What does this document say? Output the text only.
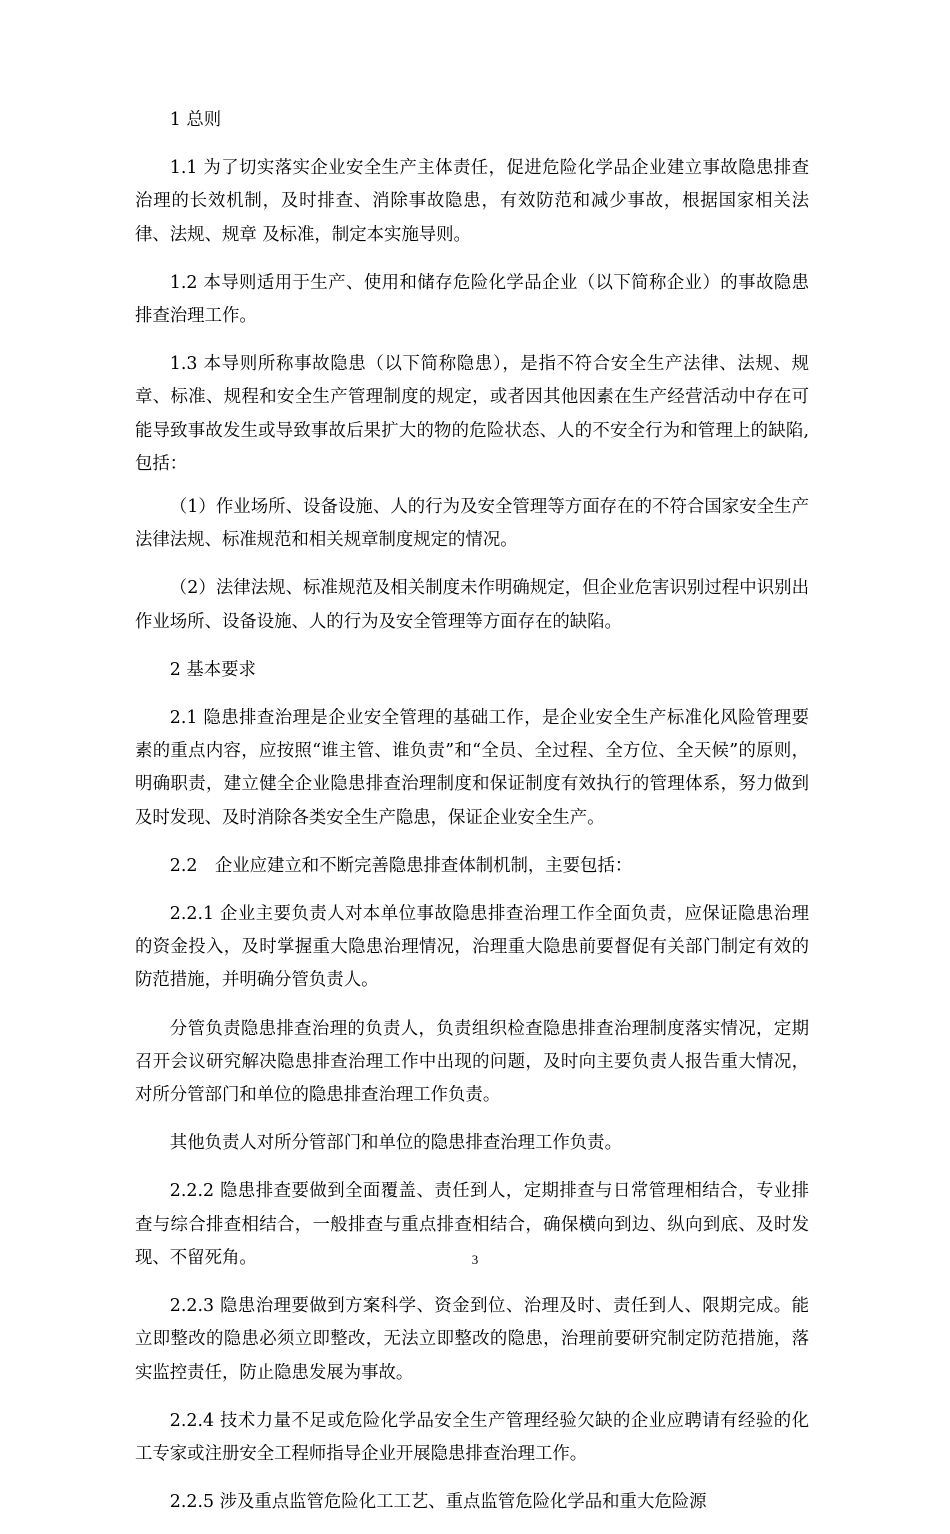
1 总则

1.1 为了切实落实企业安全生产主体责任，促进危险化学品企业建立事故隐患排查治理的长效机制，及时排查、消除事故隐患，有效防范和减少事故，根据国家相关法律、法规、规章 及标准，制定本实施导则。

1.2 本导则适用于生产、使用和储存危险化学品企业（以下简称企业）的事故隐患排查治理工作。

1.3 本导则所称事故隐患（以下简称隐患），是指不符合安全生产法律、法规、规章、标准、规程和安全生产管理制度的规定，或者因其他因素在生产经营活动中存在可能导致事故发生或导致事故后果扩大的物的危险状态、人的不安全行为和管理上的缺陷,包括：

（1）作业场所、设备设施、人的行为及安全管理等方面存在的不符合国家安全生产法律法规、标准规范和相关规章制度规定的情况。

（2）法律法规、标准规范及相关制度未作明确规定，但企业危害识别过程中识别出作业场所、设备设施、人的行为及安全管理等方面存在的缺陷。

2 基本要求

2.1 隐患排查治理是企业安全管理的基础工作，是企业安全生产标准化风险管理要素的重点内容，应按照“谁主管、谁负责”和“全员、全过程、全方位、全天候”的原则，明确职责，建立健全企业隐患排查治理制度和保证制度有效执行的管理体系，努力做到及时发现、及时消除各类安全生产隐患，保证企业安全生产。

2.2　企业应建立和不断完善隐患排查体制机制，主要包括：

2.2.1 企业主要负责人对本单位事故隐患排查治理工作全面负责，应保证隐患治理的资金投入，及时掌握重大隐患治理情况，治理重大隐患前要督促有关部门制定有效的防范措施，并明确分管负责人。

分管负责隐患排查治理的负责人，负责组织检查隐患排查治理制度落实情况，定期召开会议研究解决隐患排查治理工作中出现的问题，及时向主要负责人报告重大情况，对所分管部门和单位的隐患排查治理工作负责。

其他负责人对所分管部门和单位的隐患排查治理工作负责。

2.2.2 隐患排查要做到全面覆盖、责任到人，定期排查与日常管理相结合，专业排查与综合排查相结合，一般排查与重点排查相结合，确保横向到边、纵向到底、及时发现、不留死角。

2.2.3 隐患治理要做到方案科学、资金到位、治理及时、责任到人、限期完成。能立即整改的隐患必须立即整改，无法立即整改的隐患，治理前要研究制定防范措施，落实监控责任，防止隐患发展为事故。

2.2.4 技术力量不足或危险化学品安全生产管理经验欠缺的企业应聘请有经验的化工专家或注册安全工程师指导企业开展隐患排查治理工作。

2.2.5 涉及重点监管危险化工工艺、重点监管危险化学品和重大危险源

3
